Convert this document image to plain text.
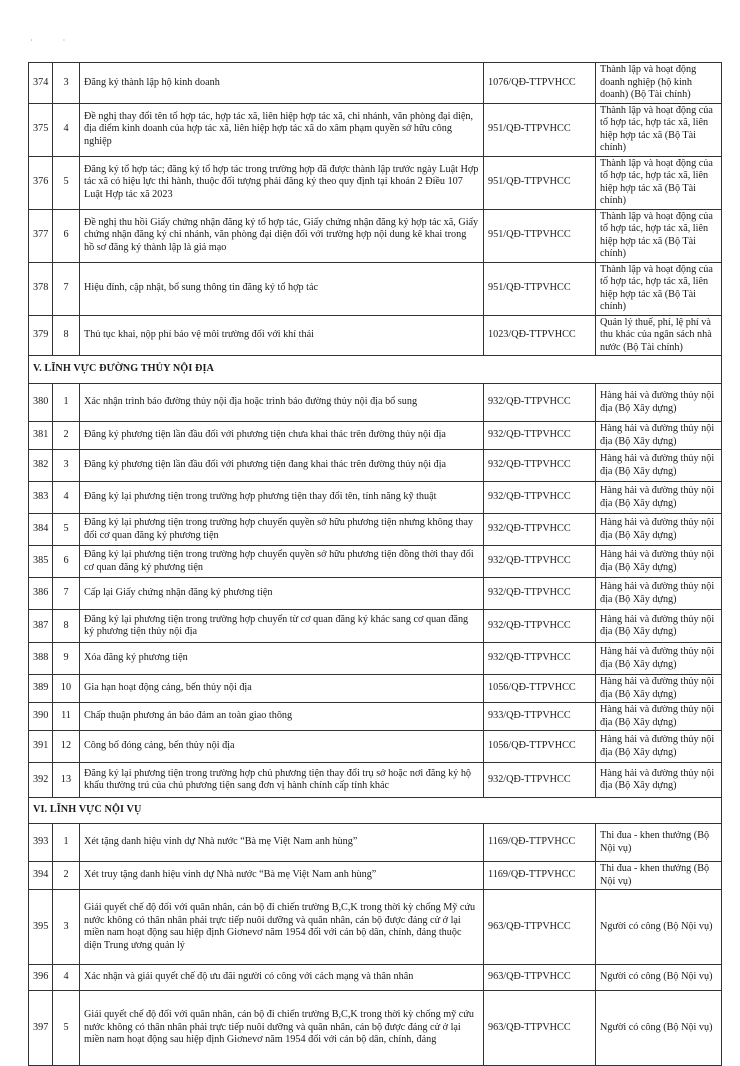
· ·
374	3	Đăng ký thành lập hộ kinh doanh	1076/QĐ-TTPVHCC	Thành lập và hoạt động doanh nghiệp (hộ kinh doanh) (Bộ Tài chính)
375	4	Đề nghị thay đổi tên tổ hợp tác, hợp tác xã, liên hiệp hợp tác xã, chi nhánh, văn phòng đại diện, địa điểm kinh doanh của hợp tác xã, liên hiệp hợp tác xã do xâm phạm quyền sở hữu công nghiệp	951/QĐ-TTPVHCC	Thành lập và hoạt động của tổ hợp tác, hợp tác xã, liên hiệp hợp tác xã (Bộ Tài chính)
376	5	Đăng ký tổ hợp tác; đăng ký tổ hợp tác trong trường hợp đã được thành lập trước ngày Luật Hợp tác xã có hiệu lực thi hành, thuộc đối tượng phải đăng ký theo quy định tại khoản 2 Điều 107 Luật Hợp tác xã 2023	951/QĐ-TTPVHCC	Thành lập và hoạt động của tổ hợp tác, hợp tác xã, liên hiệp hợp tác xã (Bộ Tài chính)
377	6	Đề nghị thu hồi Giấy chứng nhận đăng ký tổ hợp tác, Giấy chứng nhận đăng ký hợp tác xã, Giấy chứng nhận đăng ký chi nhánh, văn phòng đại diện đối với trường hợp nội dung kê khai trong hồ sơ đăng ký thành lập là giả mạo	951/QĐ-TTPVHCC	Thành lập và hoạt động của tổ hợp tác, hợp tác xã, liên hiệp hợp tác xã (Bộ Tài chính)
378	7	Hiệu đính, cập nhật, bổ sung thông tin đăng ký tổ hợp tác	951/QĐ-TTPVHCC	Thành lập và hoạt động của tổ hợp tác, hợp tác xã, liên hiệp hợp tác xã (Bộ Tài chính)
379	8	Thủ tục khai, nộp phí bảo vệ môi trường đối với khí thải	1023/QĐ-TTPVHCC	Quản lý thuế, phí, lệ phí và thu khác của ngân sách nhà nước (Bộ Tài chính)
V. LĨNH VỰC ĐƯỜNG THỦY NỘI ĐỊA				
380	1	Xác nhận trình báo đường thủy nội địa hoặc trình báo đường thủy nội địa bổ sung	932/QĐ-TTPVHCC	Hàng hải và đường thủy nội địa (Bộ Xây dựng)
381	2	Đăng ký phương tiện lần đầu đối với phương tiện chưa khai thác trên đường thủy nội địa	932/QĐ-TTPVHCC	Hàng hải và đường thủy nội địa (Bộ Xây dựng)
382	3	Đăng ký phương tiện lần đầu đối với phương tiện đang khai thác trên đường thủy nội địa	932/QĐ-TTPVHCC	Hàng hải và đường thủy nội địa (Bộ Xây dựng)
383	4	Đăng ký lại phương tiện trong trường hợp phương tiện thay đổi tên, tính năng kỹ thuật	932/QĐ-TTPVHCC	Hàng hải và đường thủy nội địa (Bộ Xây dựng)
384	5	Đăng ký lại phương tiện trong trường hợp chuyển quyền sở hữu phương tiện nhưng không thay đổi cơ quan đăng ký phương tiện	932/QĐ-TTPVHCC	Hàng hải và đường thủy nội địa (Bộ Xây dựng)
385	6	Đăng ký lại phương tiện trong trường hợp chuyển quyền sở hữu phương tiện đồng thời thay đổi cơ quan đăng ký phương tiện	932/QĐ-TTPVHCC	Hàng hải và đường thủy nội địa (Bộ Xây dựng)
386	7	Cấp lại Giấy chứng nhận đăng ký phương tiện	932/QĐ-TTPVHCC	Hàng hải và đường thủy nội địa (Bộ Xây dựng)
387	8	Đăng ký lại phương tiện trong trường hợp chuyển từ cơ quan đăng ký khác sang cơ quan đăng ký phương tiện thủy nội địa	932/QĐ-TTPVHCC	Hàng hải và đường thủy nội địa (Bộ Xây dựng)
388	9	Xóa đăng ký phương tiện	932/QĐ-TTPVHCC	Hàng hải và đường thủy nội địa (Bộ Xây dựng)
389	10	Gia hạn hoạt động cảng, bến thủy nội địa	1056/QĐ-TTPVHCC	Hàng hải và đường thủy nội địa (Bộ Xây dựng)
390	11	Chấp thuận phương án bảo đảm an toàn giao thông	933/QĐ-TTPVHCC	Hàng hải và đường thủy nội địa (Bộ Xây dựng)
391	12	Công bố đóng cảng, bến thủy nội địa	1056/QĐ-TTPVHCC	Hàng hải và đường thủy nội địa (Bộ Xây dựng)
392	13	Đăng ký lại phương tiện trong trường hợp chủ phương tiện thay đổi trụ sở hoặc nơi đăng ký hộ khẩu thường trú của chủ phương tiện sang đơn vị hành chính cấp tỉnh khác	932/QĐ-TTPVHCC	Hàng hải và đường thủy nội địa (Bộ Xây dựng)
VI. LĨNH VỰC NỘI VỤ				
393	1	Xét tặng danh hiệu vinh dự Nhà nước “Bà mẹ Việt Nam anh hùng”	1169/QĐ-TTPVHCC	Thi đua - khen thưởng (Bộ Nội vụ)
394	2	Xét truy tặng danh hiệu vinh dự Nhà nước “Bà mẹ Việt Nam anh hùng”	1169/QĐ-TTPVHCC	Thi đua - khen thưởng (Bộ Nội vụ)
395	3	Giải quyết chế độ đối với quân nhân, cán bộ đi chiến trường B,C,K trong thời kỳ chống Mỹ cứu nước không có thân nhân phải trực tiếp nuôi dưỡng và quân nhân, cán bộ được đảng cử ở lại miền nam hoạt động sau hiệp định Giơnevơ năm 1954 đối với cán bộ dân, chính, đảng thuộc diện Trung ương quản lý	963/QĐ-TTPVHCC	Người có công (Bộ Nội vụ)
396	4	Xác nhận và giải quyết chế độ ưu đãi người có công với cách mạng và thân nhân	963/QĐ-TTPVHCC	Người có công (Bộ Nội vụ)
397	5	Giải quyết chế độ đối với quân nhân, cán bộ đi chiến trường B,C,K trong thời kỳ chống mỹ cứu nước không có thân nhân phải trực tiếp nuôi dưỡng và quân nhân, cán bộ được đảng cử ở lại miền nam hoạt động sau hiệp định Giơnevơ năm 1954 đối với cán bộ dân, chính, đảng	963/QĐ-TTPVHCC	Người có công (Bộ Nội vụ)
